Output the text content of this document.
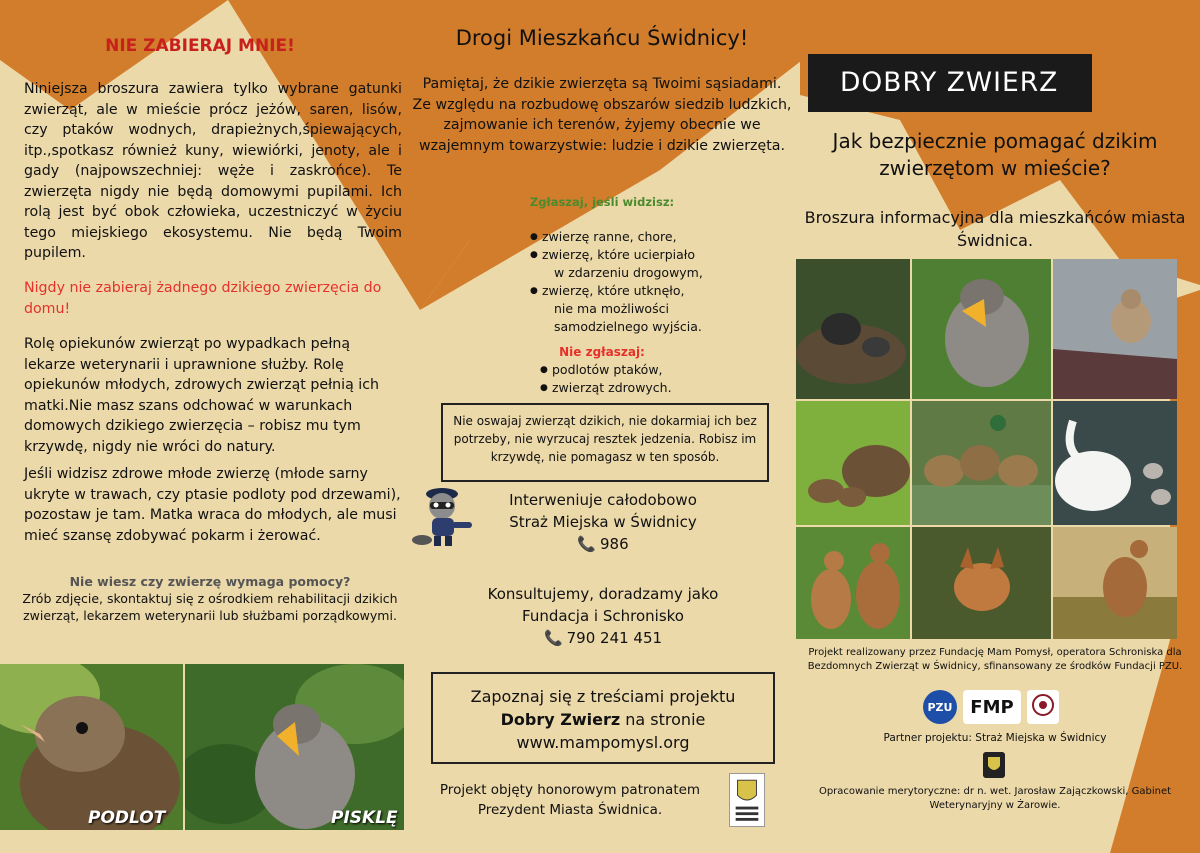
NIE ZABIERAJ MNIE!
Niniejsza broszura zawiera tylko wybrane gatunki zwierząt, ale w mieście prócz jeżów, saren, lisów, czy ptaków wodnych, drapieżnych,śpiewających, itp.,spotkasz również kuny, wiewiórki, jenoty, ale i gady (najpowszechniej: węże i zaskrońce). Te zwierzęta nigdy nie będą domowymi pupilami. Ich rolą jest być obok człowieka, uczestniczyć w życiu tego miejskiego ekosystemu. Nie będą Twoim pupilem.
Nigdy nie zabieraj żadnego dzikiego zwierzęcia do domu!
Rolę opiekunów zwierząt po wypadkach pełną lekarze weterynarii i uprawnione służby. Rolę opiekunów młodych, zdrowych zwierząt pełnią ich matki.Nie masz szans odchować w warunkach domowych dzikiego zwierzęcia – robisz mu tym krzywdę, nigdy nie wróci do natury.
Jeśli widzisz zdrowe młode zwierzę (młode sarny ukryte w trawach, czy ptasie podloty pod drzewami), pozostaw je tam. Matka wraca do młodych, ale musi mieć szansę zdobywać pokarm i żerować.
Nie wiesz czy zwierzę wymaga pomocy?
Zrób zdjęcie, skontaktuj się z ośrodkiem rehabilitacji dzikich zwierząt, lekarzem weterynarii lub służbami porządkowymi.
PODLOT	PISKLĘ
Drogi Mieszkańcu Świdnicy!
Pamiętaj, że dzikie zwierzęta są Twoimi sąsiadami. Ze względu na rozbudowę obszarów siedzib ludzkich, zajmowanie ich terenów, żyjemy obecnie we wzajemnym towarzystwie: ludzie i dzikie zwierzęta.
Zgłaszaj, jeśli widzisz:
● zwierzę ranne, chore,
● zwierzę, które ucierpiało
w zdarzeniu drogowym,
● zwierzę, które utknęło,
nie ma możliwości
samodzielnego wyjścia.
Nie zgłaszaj:
● podlotów ptaków,
● zwierząt zdrowych.
Nie oswajaj zwierząt dzikich, nie dokarmiaj ich bez potrzeby, nie wyrzucaj resztek jedzenia. Robisz im krzywdę, nie pomagasz w ten sposób.
Interweniuje całodobowo
Straż Miejska w Świdnicy
📞 986
Konsultujemy, doradzamy jako
Fundacja i Schronisko
📞 790 241 451
Zapoznaj się z treściami projektu
Dobry Zwierz na stronie
www.mampomysl.org
Projekt objęty honorowym patronatem
Prezydent Miasta Świdnica.
DOBRY ZWIERZ
Jak bezpiecznie pomagać dzikim zwierzętom w mieście?
Broszura informacyjna dla mieszkańców miasta Świdnica.
Projekt realizowany przez Fundację Mam Pomysł, operatora Schroniska dla Bezdomnych Zwierząt w Świdnicy, sfinansowany ze środków Fundacji PZU.
PZU FMP
Partner projektu: Straż Miejska w Świdnicy
Opracowanie merytoryczne: dr n. wet. Jarosław Zajączkowski, Gabinet Weterynaryjny w Żarowie.
